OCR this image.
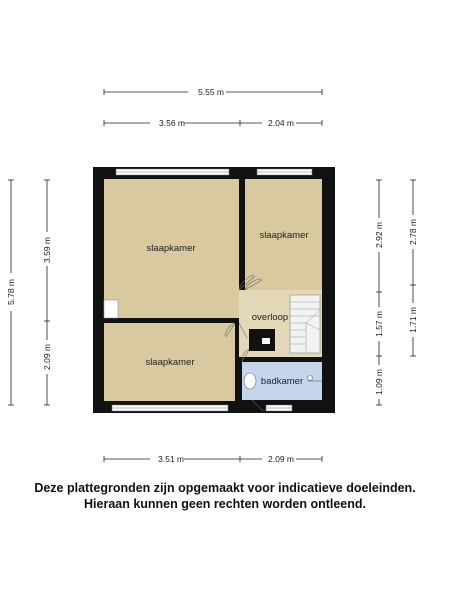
5.55 m
3.56 m	2.04 m
3.51 m	2.09 m
5.78 m
3.59 m
2.09 m
2.92 m
1.57 m
1.09 m
2.78 m
1.71 m
slaapkamer
slaapkamer
slaapkamer
overloop
badkamer
Deze plattegronden zijn opgemaakt voor indicatieve doeleinden.
Hieraan kunnen geen rechten worden ontleend.
